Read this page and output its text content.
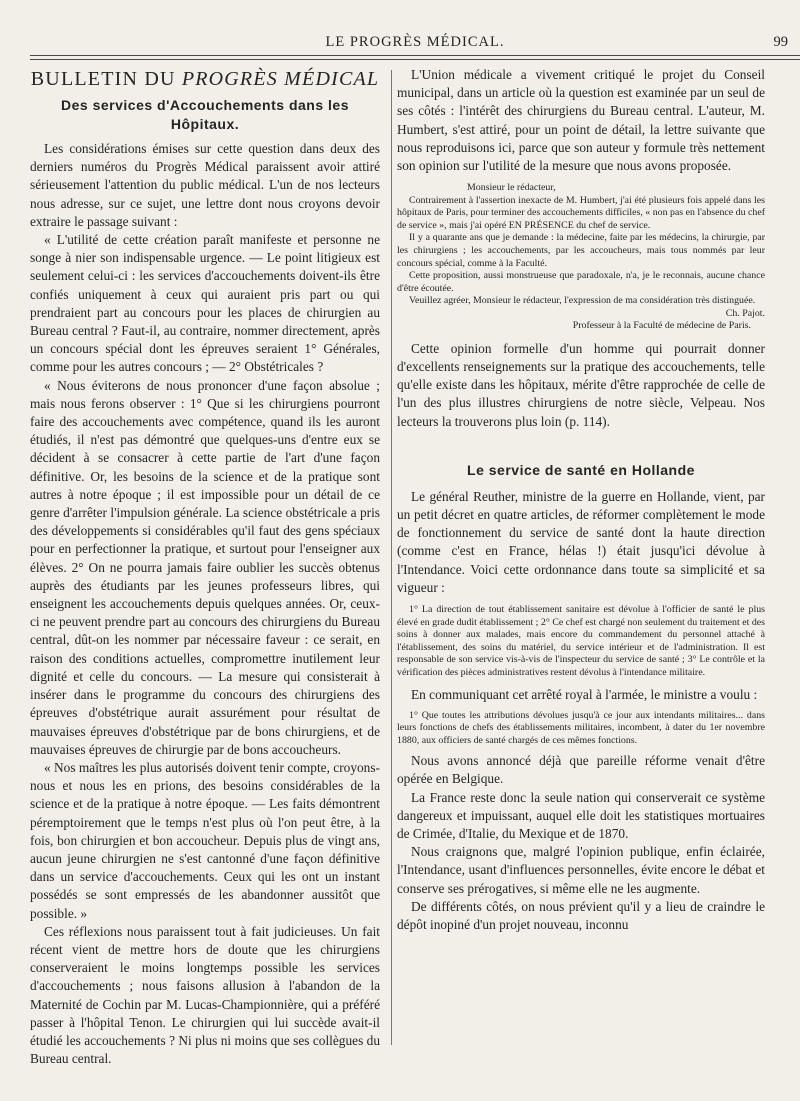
LE PROGRÈS MÉDICAL.	99
BULLETIN DU PROGRÈS MÉDICAL
Des services d'Accouchements dans les Hôpitaux.

Les considérations émises sur cette question dans deux des derniers numéros du Progrès Médical paraissent avoir attiré sérieusement l'attention du public médical. L'un de nos lecteurs nous adresse, sur ce sujet, une lettre dont nous croyons devoir extraire le passage suivant :

« L'utilité de cette création paraît manifeste et personne ne songe à nier son indispensable urgence. — Le point litigieux est seulement celui-ci : les services d'accouchements doivent-ils être confiés uniquement à ceux qui auraient pris part ou qui prendraient part au concours pour les places de chirurgien au Bureau central ? Faut-il, au contraire, nommer directement, après un concours spécial dont les épreuves seraient 1° Générales, comme pour les autres concours ; — 2° Obstétricales ?

« Nous éviterons de nous prononcer d'une façon absolue ; mais nous ferons observer : 1° Que si les chirurgiens pourront faire des accouchements avec compétence, quand ils les auront étudiés, il n'est pas démontré que quelques-uns d'entre eux se décident à se consacrer à cette partie de l'art d'une façon définitive. Or, les besoins de la science et de la pratique sont autres à notre époque ; il est impossible pour un détail de ce genre d'arrêter l'impulsion générale. La science obstétricale a pris des développements si considérables qu'il faut des gens spéciaux pour en perfectionner la pratique, et surtout pour l'enseigner aux élèves. 2° On ne pourra jamais faire oublier les succès obtenus auprès des étudiants par les jeunes professeurs libres, qui enseignent les accouchements depuis quelques années. Or, ceux-ci ne peuvent prendre part au concours des chirurgiens du Bureau central, dût-on les nommer par nécessaire faveur : ce serait, en raison des conditions actuelles, compromettre inutilement leur dignité et celle du concours. — La mesure qui consisterait à insérer dans le programme du concours des chirurgiens des épreuves d'obstétrique aurait assurément pour résultat de mauvaises épreuves d'obstétrique par de bons chirurgiens, et de mauvaises épreuves de chirurgie par de bons accoucheurs.

« Nos maîtres les plus autorisés doivent tenir compte, croyons-nous et nous les en prions, des besoins considérables de la science et de la pratique à notre époque. — Les faits démontrent péremptoirement que le temps n'est plus où l'on peut être, à la fois, bon chirurgien et bon accoucheur. Depuis plus de vingt ans, aucun jeune chirurgien ne s'est cantonné d'une façon définitive dans un service d'accouchements. Ceux qui les ont un instant possédés se sont empressés de les abandonner aussitôt que possible. »

Ces réflexions nous paraissent tout à fait judicieuses. Un fait récent vient de mettre hors de doute que les chirurgiens conserveraient le moins longtemps possible les services d'accouchements ; nous faisons allusion à l'abandon de la Maternité de Cochin par M. Lucas-Championnière, qui a préféré passer à l'hôpital Tenon. Le chirurgien qui lui succède avait-il étudié les accouchements ? Ni plus ni moins que ses collègues du Bureau central.

L'Union médicale a vivement critiqué le projet du Conseil municipal, dans un article où la question est examinée par un seul de ses côtés : l'intérêt des chirurgiens du Bureau central. L'auteur, M. Humbert, s'est attiré, pour un point de détail, la lettre suivante que nous reproduisons ici, parce que son auteur y formule très nettement son opinion sur l'utilité de la mesure que nous avons proposée.

Monsieur le rédacteur,

Contrairement à l'assertion inexacte de M. Humbert, j'ai été plusieurs fois appelé dans les hôpitaux de Paris, pour terminer des accouchements difficiles, « non pas en l'absence du chef de service », mais j'ai opéré EN PRÉSENCE du chef de service.

Il y a quarante ans que je demande : la médecine, faite par les médecins, la chirurgie, par les chirurgiens ; les accouchements, par les accoucheurs, mais tous nommés par leur concours spécial, comme à la Faculté.

Cette proposition, aussi monstrueuse que paradoxale, n'a, je le reconnais, aucune chance d'être écoutée.

Veuillez agréer, Monsieur le rédacteur, l'expression de ma considération très distinguée.

Ch. Pajot.

Professeur à la Faculté de médecine de Paris.

Cette opinion formelle d'un homme qui pourrait donner d'excellents renseignements sur la pratique des accouchements, telle qu'elle existe dans les hôpitaux, mérite d'être rapprochée de celle de l'un des plus illustres chirurgiens de notre siècle, Velpeau. Nos lecteurs la trouverons plus loin (p. 114).

Le service de santé en Hollande

Le général Reuther, ministre de la guerre en Hollande, vient, par un petit décret en quatre articles, de réformer complètement le mode de fonctionnement du service de santé dont la haute direction (comme c'est en France, hélas !) était jusqu'ici dévolue à l'Intendance. Voici cette ordonnance dans toute sa simplicité et sa vigueur :

1° La direction de tout établissement sanitaire est dévolue à l'officier de santé le plus élevé en grade dudit établissement ; 2° Ce chef est chargé non seulement du traitement et des soins à donner aux malades, mais encore du commandement du personnel attaché à l'établissement, des soins du matériel, du service intérieur et de l'administration. Il est responsable de son service vis-à-vis de l'inspecteur du service de santé ; 3° Le contrôle et la vérification des pièces administratives restent dévolus à l'intendance militaire.

En communiquant cet arrêté royal à l'armée, le ministre a voulu :

1° Que toutes les attributions dévolues jusqu'à ce jour aux intendants militaires... dans leurs fonctions de chefs des établissements militaires, incombent, à dater du 1er novembre 1880, aux officiers de santé chargés de ces mêmes fonctions.

Nous avons annoncé déjà que pareille réforme venait d'être opérée en Belgique.

La France reste donc la seule nation qui conserverait ce système dangereux et impuissant, auquel elle doit les statistiques mortuaires de Crimée, d'Italie, du Mexique et de 1870.

Nous craignons que, malgré l'opinion publique, enfin éclairée, l'Intendance, usant d'influences personnelles, évite encore le débat et conserve ses prérogatives, si même elle ne les augmente.

De différents côtés, on nous prévient qu'il y a lieu de craindre le dépôt inopiné d'un projet nouveau, inconnu
